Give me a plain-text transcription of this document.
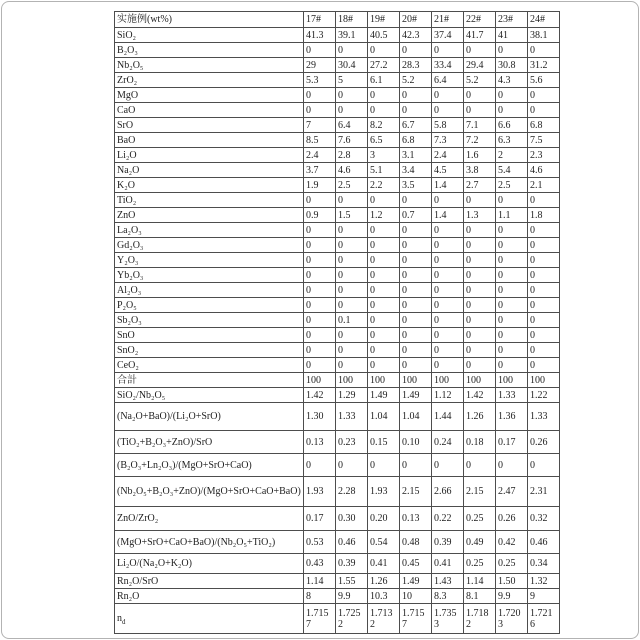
实施例(wt%)	17#	18#	19#	20#	21#	22#	23#	24#
SiO₂	41.3	39.1	40.5	42.3	37.4	41.7	41	38.1
B₂O₃	0	0	0	0	0	0	0	0
Nb₂O₅	29	30.4	27.2	28.3	33.4	29.4	30.8	31.2
ZrO₂	5.3	5	6.1	5.2	6.4	5.2	4.3	5.6
MgO	0	0	0	0	0	0	0	0
CaO	0	0	0	0	0	0	0	0
SrO	7	6.4	8.2	6.7	5.8	7.1	6.6	6.8
BaO	8.5	7.6	6.5	6.8	7.3	7.2	6.3	7.5
Li₂O	2.4	2.8	3	3.1	2.4	1.6	2	2.3
Na₂O	3.7	4.6	5.1	3.4	4.5	3.8	5.4	4.6
K₂O	1.9	2.5	2.2	3.5	1.4	2.7	2.5	2.1
TiO₂	0	0	0	0	0	0	0	0
ZnO	0.9	1.5	1.2	0.7	1.4	1.3	1.1	1.8
La₂O₃	0	0	0	0	0	0	0	0
Gd₂O₃	0	0	0	0	0	0	0	0
Y₂O₃	0	0	0	0	0	0	0	0
Yb₂O₃	0	0	0	0	0	0	0	0
Al₂O₃	0	0	0	0	0	0	0	0
P₂O₅	0	0	0	0	0	0	0	0
Sb₂O₃	0	0.1	0	0	0	0	0	0
SnO	0	0	0	0	0	0	0	0
SnO₂	0	0	0	0	0	0	0	0
CeO₂	0	0	0	0	0	0	0	0
合計	100	100	100	100	100	100	100	100
SiO₂/Nb₂O₅	1.42	1.29	1.49	1.49	1.12	1.42	1.33	1.22
(Na₂O+BaO)/(Li₂O+SrO)	1.30	1.33	1.04	1.04	1.44	1.26	1.36	1.33
(TiO₂+B₂O₃+ZnO)/SrO	0.13	0.23	0.15	0.10	0.24	0.18	0.17	0.26
(B₂O₃+Ln₂O₃)/(MgO+SrO+CaO)	0	0	0	0	0	0	0	0
(Nb₂O₅+B₂O₃+ZnO)/(MgO+SrO+CaO+BaO)	1.93	2.28	1.93	2.15	2.66	2.15	2.47	2.31
ZnO/ZrO₂	0.17	0.30	0.20	0.13	0.22	0.25	0.26	0.32
(MgO+SrO+CaO+BaO)/(Nb₂O₅+TiO₂)	0.53	0.46	0.54	0.48	0.39	0.49	0.42	0.46
Li₂O/(Na₂O+K₂O)	0.43	0.39	0.41	0.45	0.41	0.25	0.25	0.34
Rn₂O/SrO	1.14	1.55	1.26	1.49	1.43	1.14	1.50	1.32
Rn₂O	8	9.9	10.3	10	8.3	8.1	9.9	9
$n_d$	1.7157	1.7252	1.7132	1.7157	1.7353	1.7182	1.7203	1.7216
